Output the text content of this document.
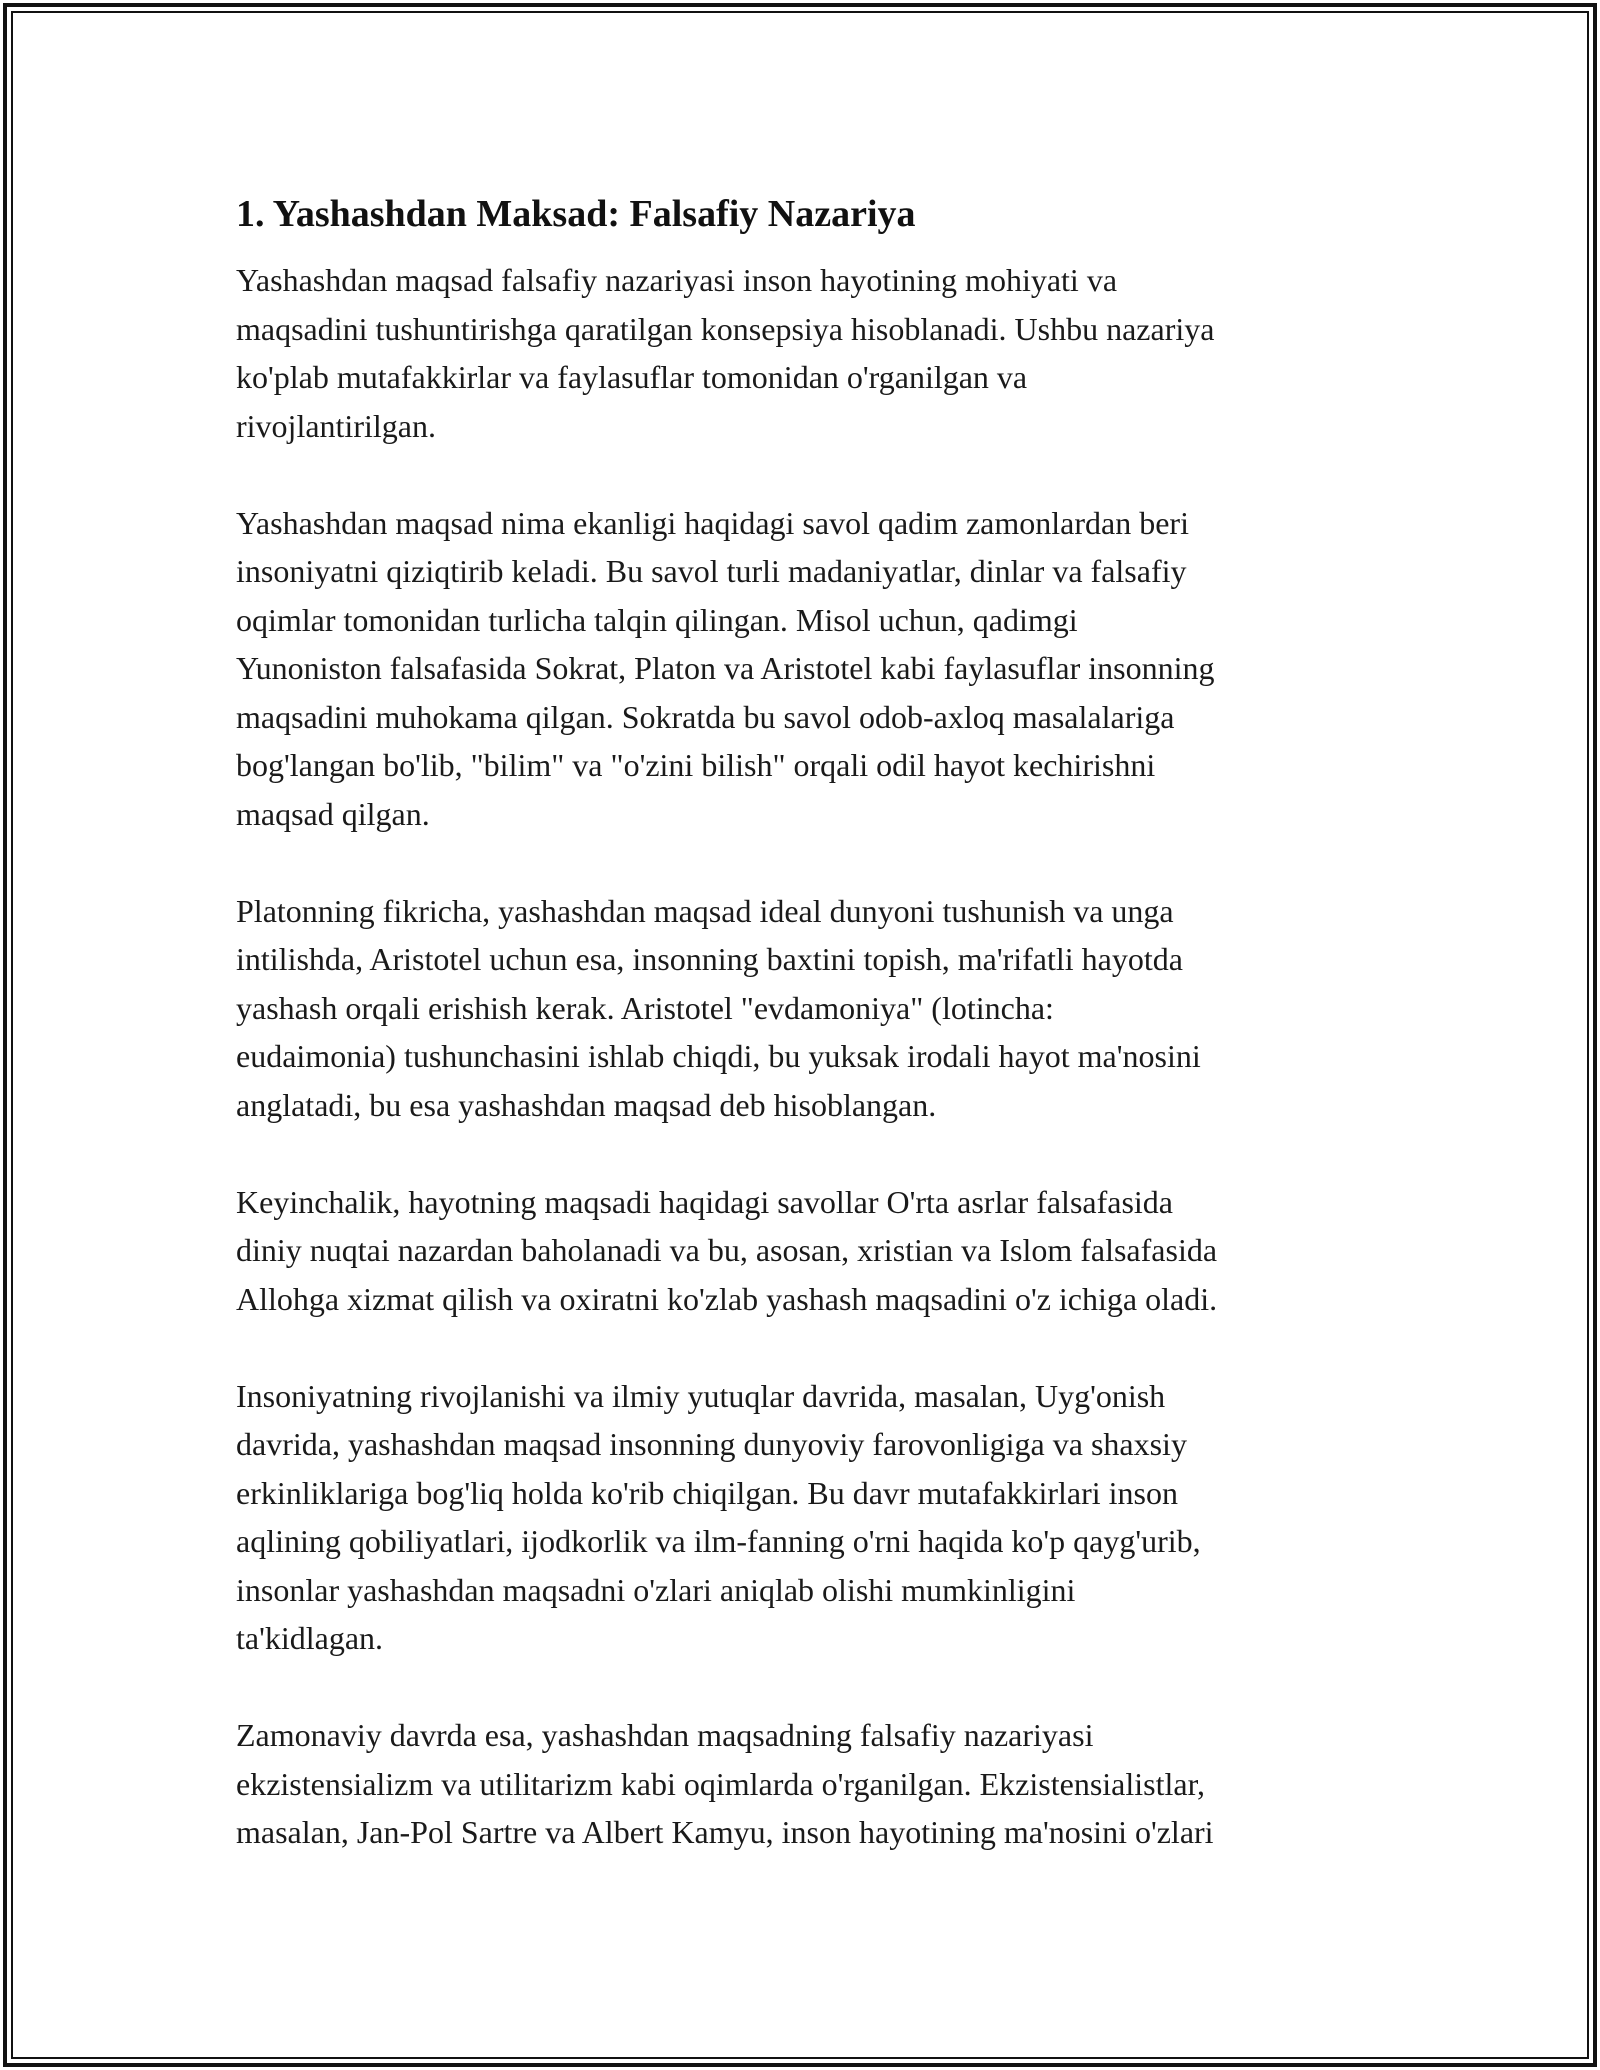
1. Yashashdan Maksad: Falsafiy Nazariya
Yashashdan maqsad falsafiy nazariyasi inson hayotining mohiyati va
maqsadini tushuntirishga qaratilgan konsepsiya hisoblanadi. Ushbu nazariya
ko'plab mutafakkirlar va faylasuflar tomonidan o'rganilgan va
rivojlantirilgan.
Yashashdan maqsad nima ekanligi haqidagi savol qadim zamonlardan beri
insoniyatni qiziqtirib keladi. Bu savol turli madaniyatlar, dinlar va falsafiy
oqimlar tomonidan turlicha talqin qilingan. Misol uchun, qadimgi
Yunoniston falsafasida Sokrat, Platon va Aristotel kabi faylasuflar insonning
maqsadini muhokama qilgan. Sokratda bu savol odob-axloq masalalariga
bog'langan bo'lib, "bilim" va "o'zini bilish" orqali odil hayot kechirishni
maqsad qilgan.
Platonning fikricha, yashashdan maqsad ideal dunyoni tushunish va unga
intilishda, Aristotel uchun esa, insonning baxtini topish, ma'rifatli hayotda
yashash orqali erishish kerak. Aristotel "evdamoniya" (lotincha:
eudaimonia) tushunchasini ishlab chiqdi, bu yuksak irodali hayot ma'nosini
anglatadi, bu esa yashashdan maqsad deb hisoblangan.
Keyinchalik, hayotning maqsadi haqidagi savollar O'rta asrlar falsafasida
diniy nuqtai nazardan baholanadi va bu, asosan, xristian va Islom falsafasida
Allohga xizmat qilish va oxiratni ko'zlab yashash maqsadini o'z ichiga oladi.
Insoniyatning rivojlanishi va ilmiy yutuqlar davrida, masalan, Uyg'onish
davrida, yashashdan maqsad insonning dunyoviy farovonligiga va shaxsiy
erkinliklariga bog'liq holda ko'rib chiqilgan. Bu davr mutafakkirlari inson
aqlining qobiliyatlari, ijodkorlik va ilm-fanning o'rni haqida ko'p qayg'urib,
insonlar yashashdan maqsadni o'zlari aniqlab olishi mumkinligini
ta'kidlagan.
Zamonaviy davrda esa, yashashdan maqsadning falsafiy nazariyasi
ekzistensializm va utilitarizm kabi oqimlarda o'rganilgan. Ekzistensialistlar,
masalan, Jan-Pol Sartre va Albert Kamyu, inson hayotining ma'nosini o'zlari
